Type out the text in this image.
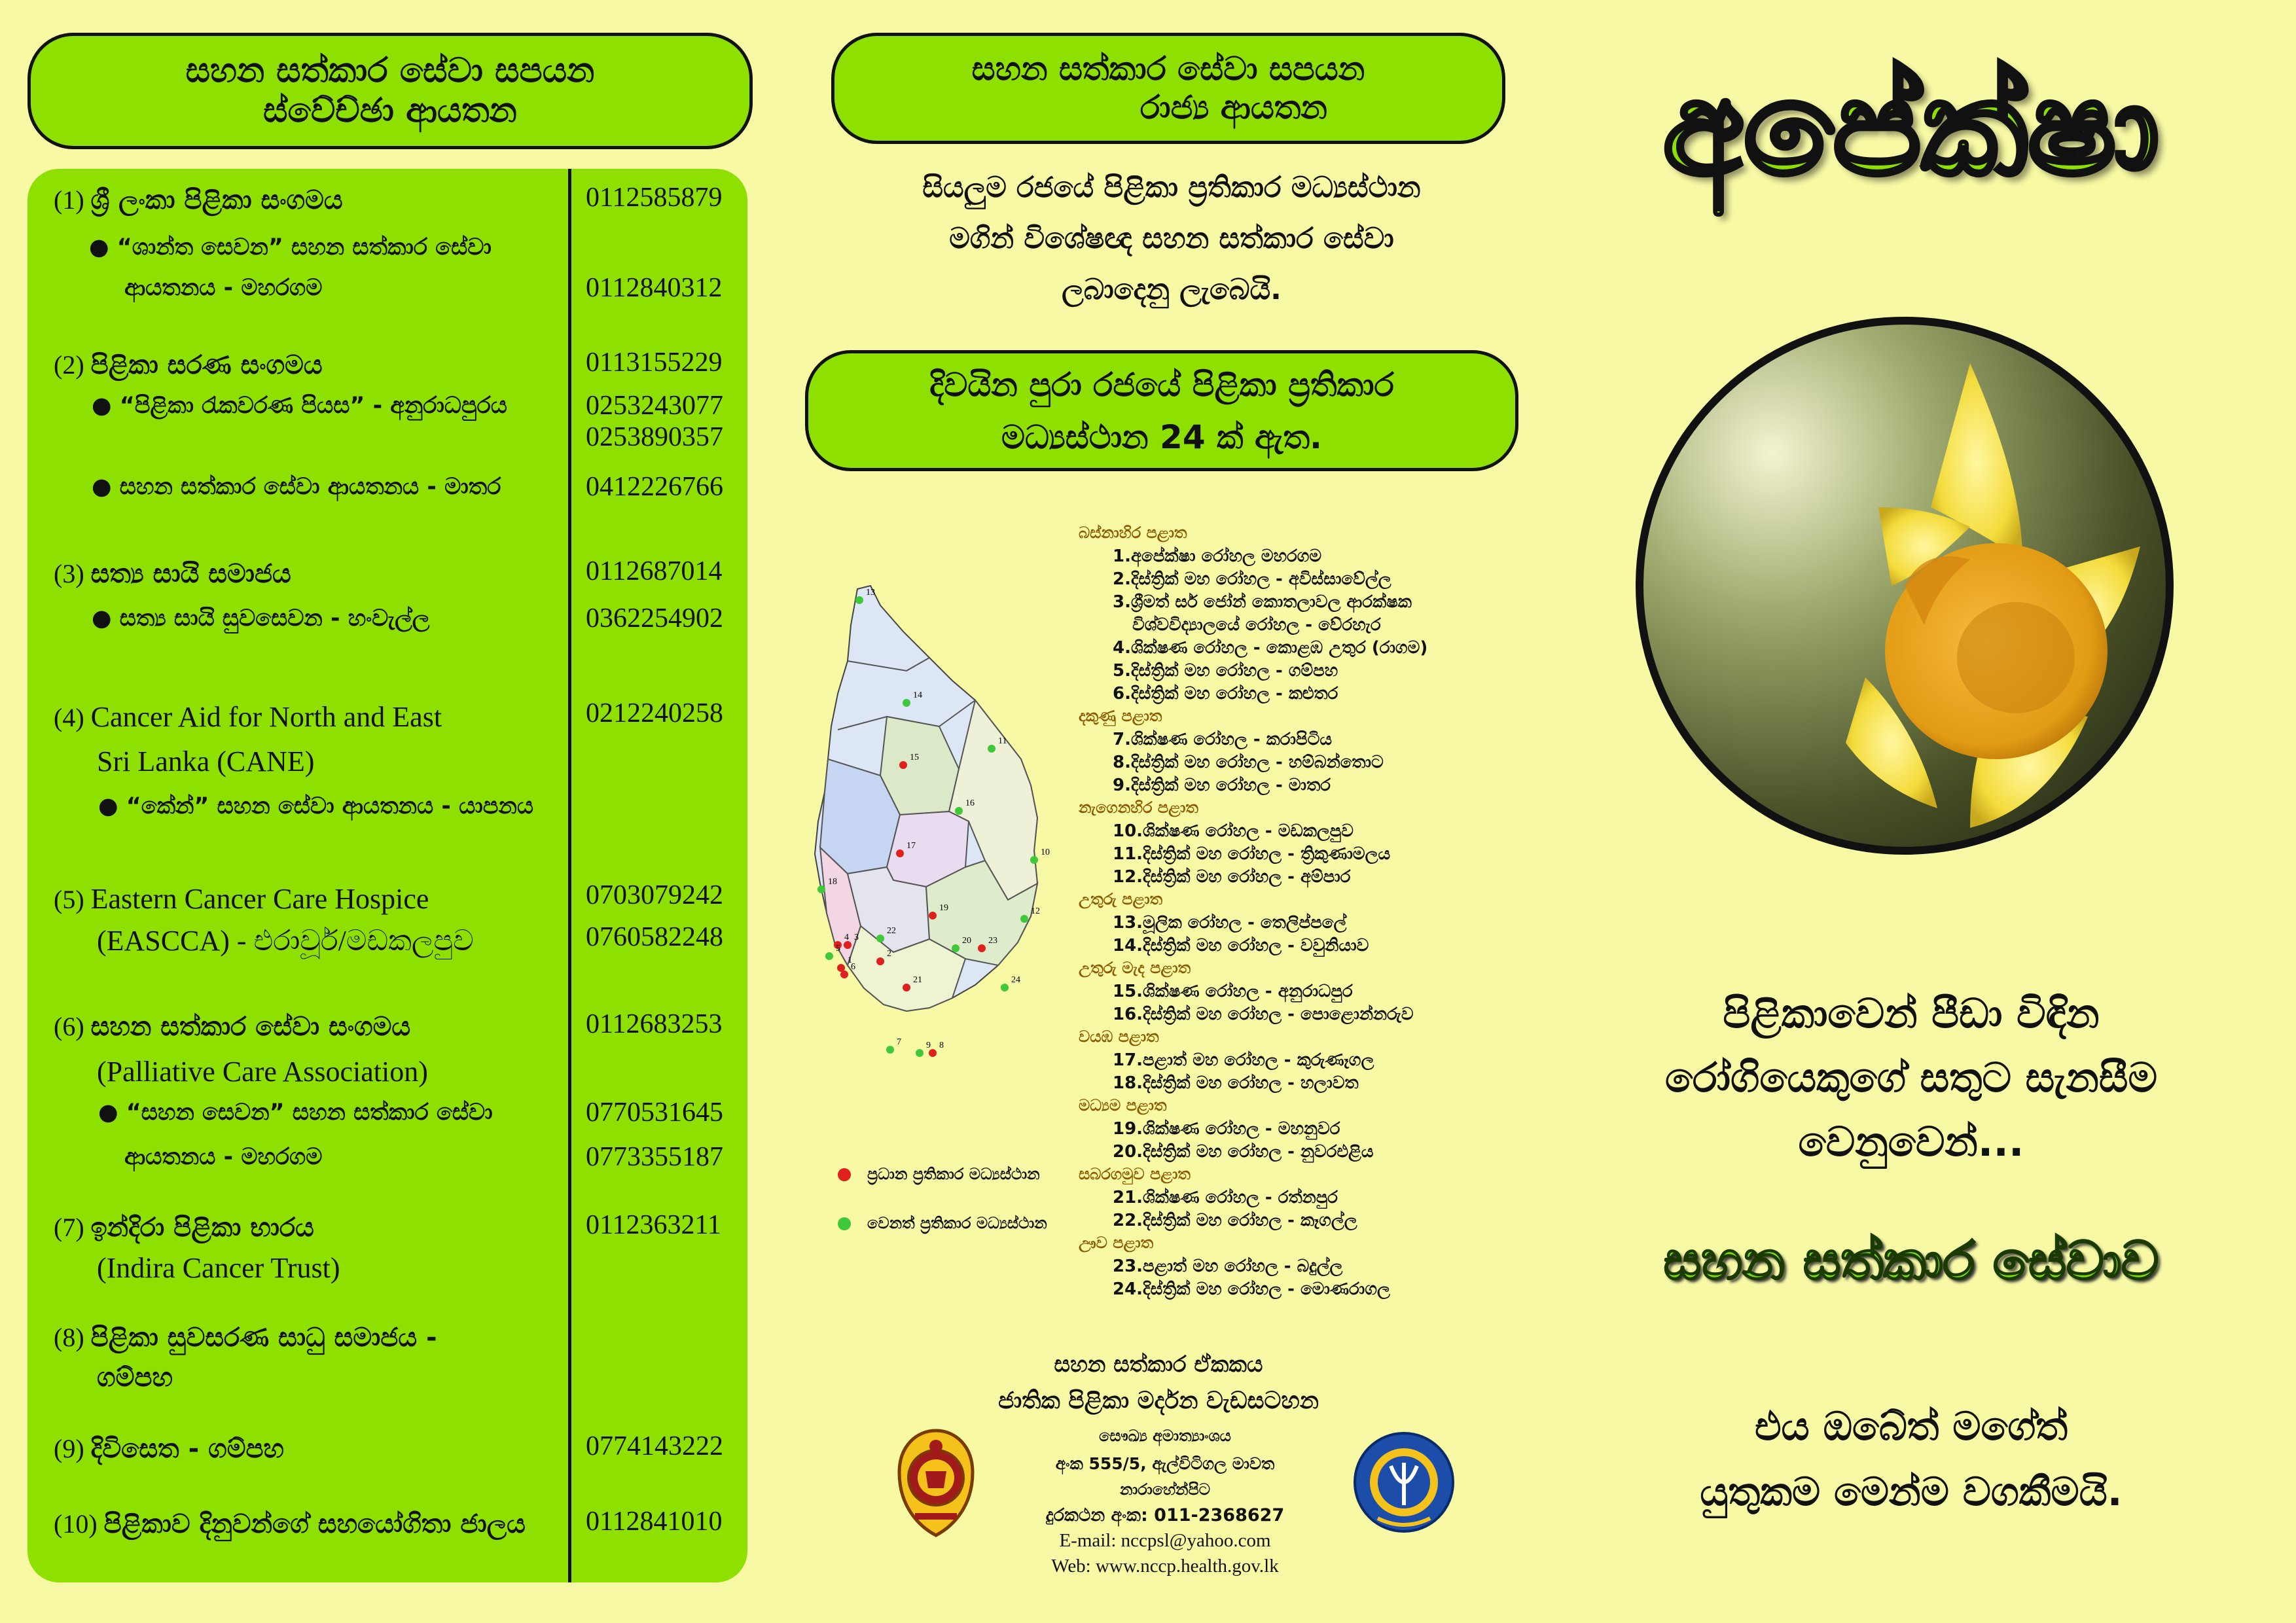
සහන සත්කාර සේවා සපයන
ස්වේච්ඡා ආයතන
(1) ශ්‍රී ලංකා පිළිකා සංගමය	0112585879
● “ශාන්ත සෙවන” සහන සත්කාර සේවා
ආයතනය - මහරගම	0112840312
(2) පිළිකා සරණ සංගමය	0113155229
● “පිළිකා රැකවරණ පියස” - අනුරාධපුරය	0253243077
0253890357
● සහන සත්කාර සේවා ආයතනය - මාතර	0412226766
(3) සත්‍ය සායි සමාජය	0112687014
● සත්‍ය සායි සුවසෙවන - හංවැල්ල	0362254902
(4) Cancer Aid for North and East	0212240258
Sri Lanka (CANE)
● “කේන්” සහන සේවා ආයතනය - යාපනය
(5) Eastern Cancer Care Hospice	0703079242
(EASCCA) - එරාවූර්/මඩකලපුව	0760582248
(6) සහන සත්කාර සේවා සංගමය	0112683253
(Palliative Care Association)
● “සහන සෙවන” සහන සත්කාර සේවා	0770531645
ආයතනය - මහරගම	0773355187
(7) ඉන්දිරා පිළිකා භාරය	0112363211
(Indira Cancer Trust)
(8) පිළිකා සුවසරණ සාධු සමාජය -
ගම්පහ
(9) දිවිසෙත - ගම්පහ	0774143222
(10) පිළිකාව දිනුවන්ගේ සහයෝගිතා ජාලය 0112841010
සහන සත්කාර සේවා සපයන
රාජ්‍ය ආයතන
සියලුම රජයේ පිළිකා ප්‍රතිකාර මධ්‍යස්ථාන
මගින් විශේෂඥ සහන සත්කාර සේවා
ලබාදෙනු ලැබෙයි.
දිවයින පුරා රජයේ පිළිකා ප්‍රතිකාර
මධ්‍යස්ථාන 24 ක් ඇත.
13
14
11
15
16
17
10
18
12
19
3
4
22
20 23
2
1
6
21	24
7	8
9
5
ප්‍රධාන ප්‍රතිකාර මධ්‍යස්ථාන
වෙනත් ප්‍රතිකාර මධ්‍යස්ථාන
බස්නාහිර පළාත
1.අපේක්ෂා රෝහල මහරගම
2.දිස්ත්‍රික් මහ රෝහල - අවිස්සාවේල්ල
3.ශ්‍රීමත් සර් ජෝන් කොතලාවල ආරක්ෂක
විශ්වවිද්‍යාලයේ රෝහල - වේරහැර
4.ශික්ෂණ රෝහල - කොළඹ උතුර (රාගම)
5.දිස්ත්‍රික් මහ රෝහල - ගම්පහ
6.දිස්ත්‍රික් මහ රෝහල - කළුතර
දකුණු පළාත
7.ශික්ෂණ රෝහල - කරාපිටිය
8.දිස්ත්‍රික් මහ රෝහල - හම්බන්තොට
9.දිස්ත්‍රික් මහ රෝහල - මාතර
නැගෙනහිර පළාත
10.ශික්ෂණ රෝහල - මඩකලපුව
11.දිස්ත්‍රික් මහ රෝහල - ත්‍රිකුණාමලය
12.දිස්ත්‍රික් මහ රෝහල - අම්පාර
උතුරු පළාත
13.මූලික රෝහල - තෙලිප්පලේ
14.දිස්ත්‍රික් මහ රෝහල - වවුනියාව
උතුරු මැද පළාත
15.ශික්ෂණ රෝහල - අනුරාධපුර
16.දිස්ත්‍රික් මහ රෝහල - පොළොන්නරුව
වයඹ පළාත
17.පළාත් මහ රෝහල - කුරුණෑගල
18.දිස්ත්‍රික් මහ රෝහල - හලාවත
මධ්‍යම පළාත
19.ශික්ෂණ රෝහල - මහනුවර
20.දිස්ත්‍රික් මහ රෝහල - නුවරඑළිය
සබරගමුව පළාත
21.ශික්ෂණ රෝහල - රත්නපුර
22.දිස්ත්‍රික් මහ රෝහල - කෑගල්ල
ඌව පළාත
23.පළාත් මහ රෝහල - බදුල්ල
24.දිස්ත්‍රික් මහ රෝහල - මොණරාගල
සහන සත්කාර ඒකකය
ජාතික පිළිකා මර්දන වැඩසටහන
සෞඛ්‍ය අමාත්‍යාංශය
අංක 555/5, ඇල්විටිගල මාවත
නාරාහේන්පිට
දුරකථන අංක: 011-2368627
E-mail: nccpsl@yahoo.com
Web: www.nccp.health.gov.lk
අපේක්ෂා
පිළිකාවෙන් පීඩා විඳින
රෝගියෙකුගේ සතුට සැනසීම
වෙනුවෙන්...
සහන සත්කාර සේවාව
එය ඔබේත් මගේත්
යුතුකම මෙන්ම වගකීමයි.
